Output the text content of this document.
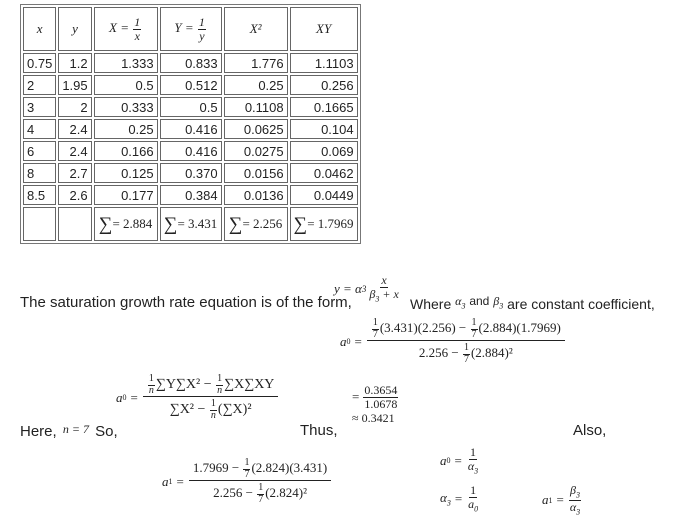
x	y	$X = \frac{1}{x}$	$Y = \frac{1}{y}$	X²	XY
0.75	1.2	1.333	0.833	1.776	1.1103
2	1.95	0.5	0.512	0.25	0.256
3	2	0.333	0.5	0.1108	0.1665
4	2.4	0.25	0.416	0.0625	0.104
6	2.4	0.166	0.416	0.0275	0.069
8	2.7	0.125	0.370	0.0156	0.0462
8.5	2.6	0.177	0.384	0.0136	0.0449
		∑= 2.884	∑= 3.431	∑= 2.256	∑= 1.7969
The saturation growth rate equation is of the form,
y = α $3 \frac{x}{\beta_3 + x}$
Where $\alpha_3$ and $\beta_3$ are constant coefficient,
a $0 = \frac{\frac{1}{7} (3.431)(2.256) - \frac{1}{7} (2.884)(1.7969)}{2.256 - \frac{1}{7} (2.884)^2}$
a $0 = \frac{\frac{1}{n} \sum Y\sum X^2 - \frac{1}{n} \sum X\sum XY}{\sum X^2 - \frac{1}{n} (\sum X)^2}$	= $\frac{0.3654}{1.0678}$
≈ 0.3421
Here, $^{n = 7}$ So,	Thus,	Also,
a $1 = \frac{1.7969 - \frac{1}{7} (2.824)(3.431)}{2.256 - \frac{1}{7} (2.824)^2}$	a $0 = \frac{1}{\alpha_3}$
$\alpha_3 = \frac{1}{a_0}$	a $1 = \frac{\beta_3}{\alpha_3}$
